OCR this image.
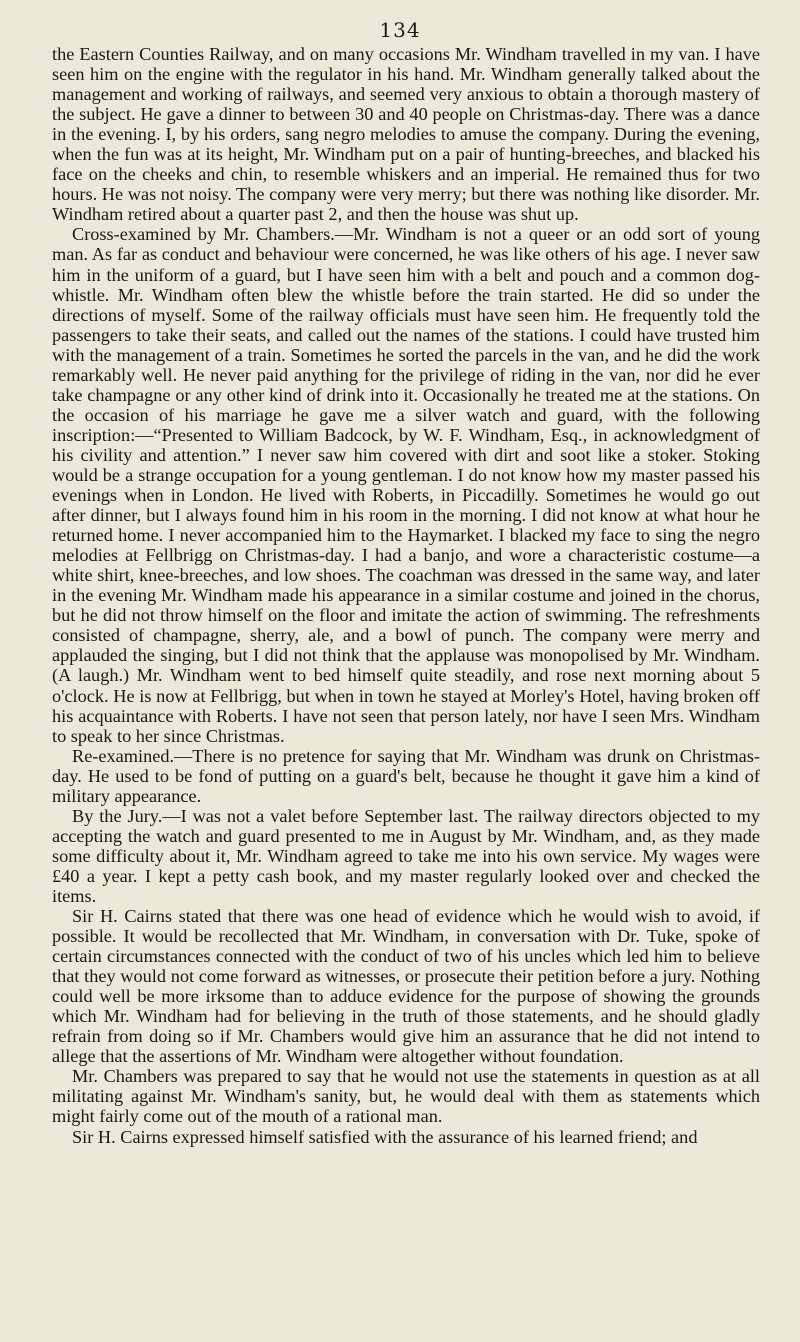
134

the Eastern Counties Railway, and on many occasions Mr. Windham travelled in my van. I have seen him on the engine with the regulator in his hand. Mr. Windham generally talked about the management and working of railways, and seemed very anxious to obtain a thorough mastery of the subject. He gave a dinner to between 30 and 40 people on Christmas-day. There was a dance in the evening. I, by his orders, sang negro melodies to amuse the company. During the evening, when the fun was at its height, Mr. Windham put on a pair of hunting-breeches, and blacked his face on the cheeks and chin, to resemble whiskers and an imperial. He remained thus for two hours. He was not noisy. The company were very merry; but there was nothing like disorder. Mr. Windham retired about a quarter past 2, and then the house was shut up.

Cross-examined by Mr. Chambers.—Mr. Windham is not a queer or an odd sort of young man. As far as conduct and behaviour were concerned, he was like others of his age. I never saw him in the uniform of a guard, but I have seen him with a belt and pouch and a common dog-whistle. Mr. Windham often blew the whistle before the train started. He did so under the directions of myself. Some of the railway officials must have seen him. He frequently told the passengers to take their seats, and called out the names of the stations. I could have trusted him with the management of a train. Sometimes he sorted the parcels in the van, and he did the work remarkably well. He never paid anything for the privilege of riding in the van, nor did he ever take champagne or any other kind of drink into it. Occasionally he treated me at the stations. On the occasion of his marriage he gave me a silver watch and guard, with the following inscription:—“Presented to William Badcock, by W. F. Windham, Esq., in acknowledgment of his civility and attention.” I never saw him covered with dirt and soot like a stoker. Stoking would be a strange occupation for a young gentleman. I do not know how my master passed his evenings when in London. He lived with Roberts, in Piccadilly. Sometimes he would go out after dinner, but I always found him in his room in the morning. I did not know at what hour he returned home. I never accompanied him to the Haymarket. I blacked my face to sing the negro melodies at Fellbrigg on Christmas-day. I had a banjo, and wore a characteristic costume—a white shirt, knee-breeches, and low shoes. The coachman was dressed in the same way, and later in the evening Mr. Windham made his appearance in a similar costume and joined in the chorus, but he did not throw himself on the floor and imitate the action of swimming. The refreshments consisted of champagne, sherry, ale, and a bowl of punch. The company were merry and applauded the singing, but I did not think that the applause was monopolised by Mr. Windham. (A laugh.) Mr. Windham went to bed himself quite steadily, and rose next morning about 5 o'clock. He is now at Fellbrigg, but when in town he stayed at Morley's Hotel, having broken off his acquaintance with Roberts. I have not seen that person lately, nor have I seen Mrs. Windham to speak to her since Christmas.

Re-examined.—There is no pretence for saying that Mr. Windham was drunk on Christmas-day. He used to be fond of putting on a guard's belt, because he thought it gave him a kind of military appearance.

By the Jury.—I was not a valet before September last. The railway directors objected to my accepting the watch and guard presented to me in August by Mr. Windham, and, as they made some difficulty about it, Mr. Windham agreed to take me into his own service. My wages were £40 a year. I kept a petty cash book, and my master regularly looked over and checked the items.

Sir H. Cairns stated that there was one head of evidence which he would wish to avoid, if possible. It would be recollected that Mr. Windham, in conversation with Dr. Tuke, spoke of certain circumstances connected with the conduct of two of his uncles which led him to believe that they would not come forward as witnesses, or prosecute their petition before a jury. Nothing could well be more irksome than to adduce evidence for the purpose of showing the grounds which Mr. Windham had for believing in the truth of those statements, and he should gladly refrain from doing so if Mr. Chambers would give him an assurance that he did not intend to allege that the assertions of Mr. Windham were altogether without foundation.

Mr. Chambers was prepared to say that he would not use the statements in question as at all militating against Mr. Windham's sanity, but, he would deal with them as statements which might fairly come out of the mouth of a rational man.

Sir H. Cairns expressed himself satisfied with the assurance of his learned friend; and
